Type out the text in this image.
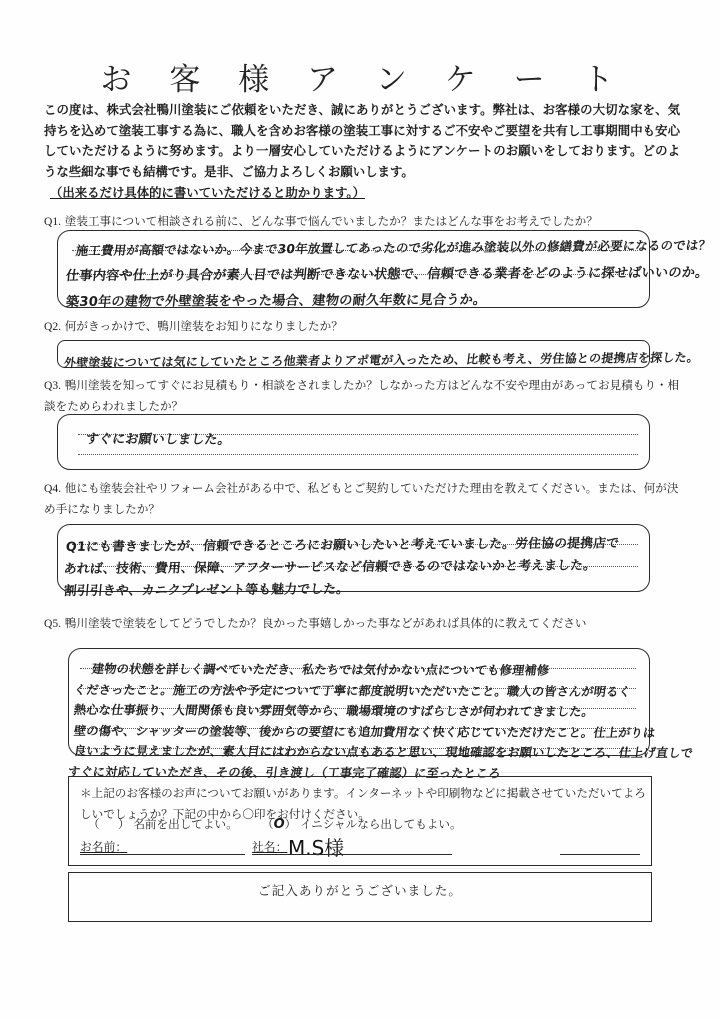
お 客 様 ア ン ケ ー ト
この度は、株式会社鴨川塗装にご依頼をいただき、誠にありがとうございます。弊社は、お客様の大切な家を、気持ちを込めて塗装工事する為に、職人を含めお客様の塗装工事に対するご不安やご要望を共有し工事期間中も安心していただけるように努めます。より一層安心していただけるようにアンケートのお願いをしております。どのような些細な事でも結構です。是非、ご協力よろしくお願いします。
（出来るだけ具体的に書いていただけると助かります。）
Q1. 塗装工事について相談される前に、どんな事で悩んでいましたか？またはどんな事をお考えでしたか？
施工費用が高額ではないか。今まで30年放置してあったので劣化が進み塗装以外の修繕費が必要になるのでは？
仕事内容や仕上がり具合が素人目では判断できない状態で、信頼できる業者をどのように探せばいいのか。
築30年の建物で外壁塗装をやった場合、建物の耐久年数に見合うか。
Q2. 何がきっかけで、鴨川塗装をお知りになりましたか？
外壁塗装については気にしていたところ他業者よりアポ電が入ったため、比較も考え、労住協との提携店を探した。
Q3. 鴨川塗装を知ってすぐにお見積もり・相談をされましたか？しなかった方はどんな不安や理由があってお見積もり・相談をためらわれましたか？
すぐにお願いしました。
Q4. 他にも塗装会社やリフォーム会社がある中で、私どもとご契約していただけた理由を教えてください。または、何が決め手になりましたか？
Q1にも書きましたが、信頼できるところにお願いしたいと考えていました。労住協の提携店で
あれば、技術、費用、保障、アフターサービスなど信頼できるのではないかと考えました。
割引引きや、カニクプレゼント等も魅力でした。
Q5. 鴨川塗装で塗装をしてどうでしたか？良かった事嬉しかった事などがあれば具体的に教えてください
建物の状態を詳しく調べていただき、私たちでは気付かない点についても修理補修
くださったこと。施工の方法や予定について丁寧に都度説明いただいたこと。職人の皆さんが明るく
熱心な仕事振り、人間関係も良い雰囲気等から、職場環境のすばらしさが伺われてきました。
壁の傷や、シャッターの塗装等、後からの要望にも追加費用なく快く応じていただけたこと。仕上がりは
良いように見えましたが、素人目にはわからない点もあると思い、現地確認をお願いしたところ、仕上げ直しで
すぐに対応していただき、その後、引き渡し（工事完了確認）に至ったところ
＊上記のお客様のお声についてお願いがあります。インターネットや印刷物などに掲載させていただいてよろしいでしょうか？下記の中から〇印をお付けください。
（     ） 名前を出してよい。 （O） イニシャルなら出してもよい。
お名前：	社名： M.S様
ご記入ありがとうございました。
